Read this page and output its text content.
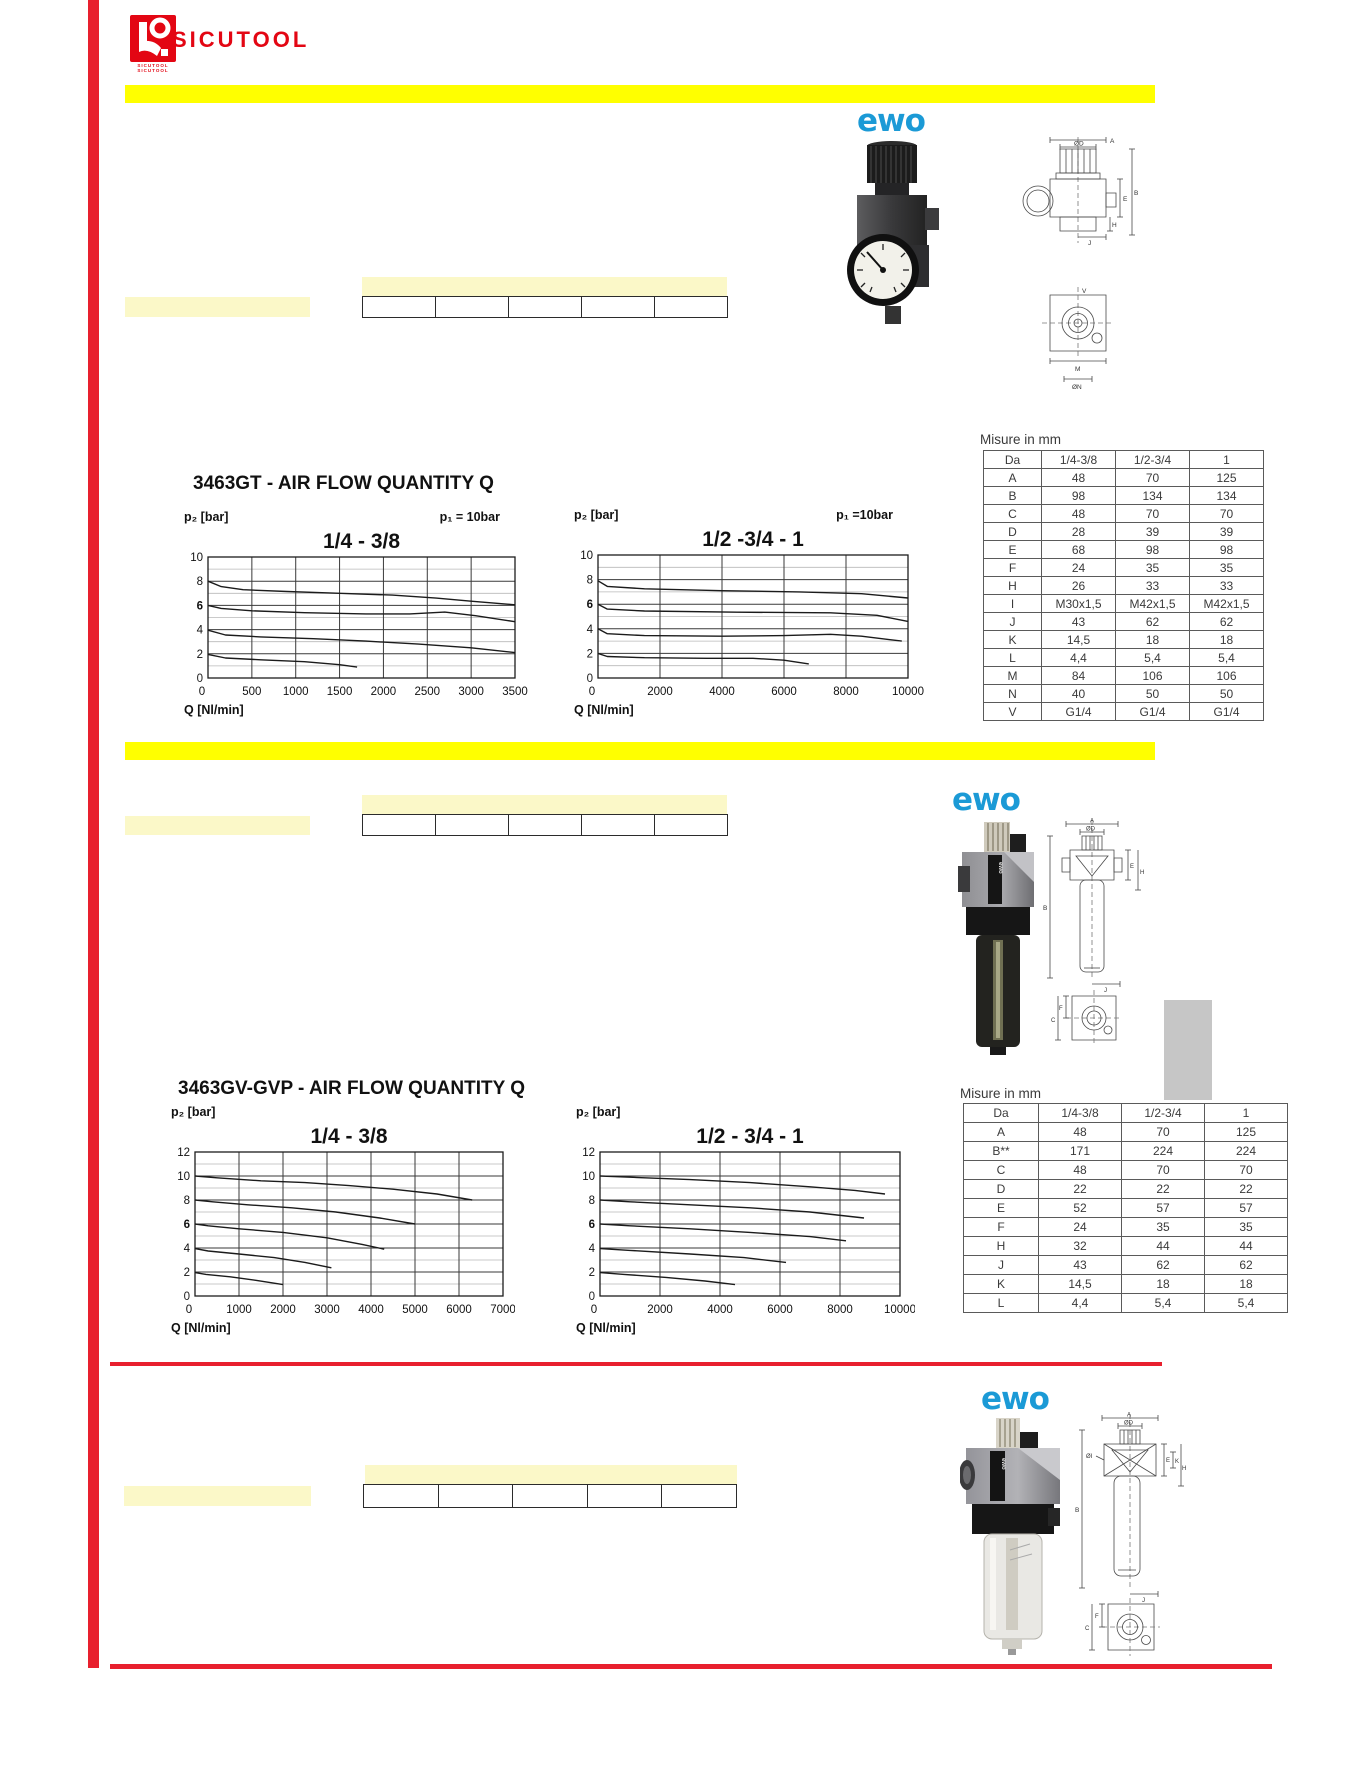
SICUTOOL
SICUTOOL
SICUTOOL
ewo
A
ØD
E
B
H
J
V
M
ØN
3463GT - AIR FLOW QUANTITY Q
0
2
4
6
8
10
0	500 1000 1500 2000 2500 3000 3500
p₂ [bar]
1/4 - 3/8
p₁ = 10bar
Q [Nl/min]
0
2
4
6
8
10
0	2000	4000	6000	8000	10000
p₂ [bar]
1/2 -3/4 - 1
p₁ =10bar
Q [Nl/min]
Misure in mm
Da	1/4-3/8	1/2-3/4	1
A	48	70	125
B	98	134	134
C	48	70	70
D	28	39	39
E	68	98	98
F	24	35	35
H	26	33	33
I	M30x1,5	M42x1,5	M42x1,5
J	43	62	62
K	14,5	18	18
L	4,4	5,4	5,4
M	84	106	106
N	40	50	50
V	G1/4	G1/4	G1/4
ewo
ewo
A
ØD
E
H
B
J
F
C
3463GV-GVP - AIR FLOW QUANTITY Q
0
2
4
6
8
10
12
0	1000 2000 3000 4000 5000 6000 7000
p₂ [bar]
1/4 - 3/8
Q [Nl/min]
0
2
4
6
8
10
12
0	2000	4000	6000	8000	10000
p₂ [bar]
1/2 - 3/4 - 1
Q [Nl/min]
Misure in mm
Da	1/4-3/8	1/2-3/4	1
A	48	70	125
B**	171	224	224
C	48	70	70
D	22	22	22
E	52	57	57
F	24	35	35
H	32	44	44
J	43	62	62
K	14,5	18	18
L	4,4	5,4	5,4
ewo
ewo
A
ØD
E K
H
ØI
B
J
F
C
